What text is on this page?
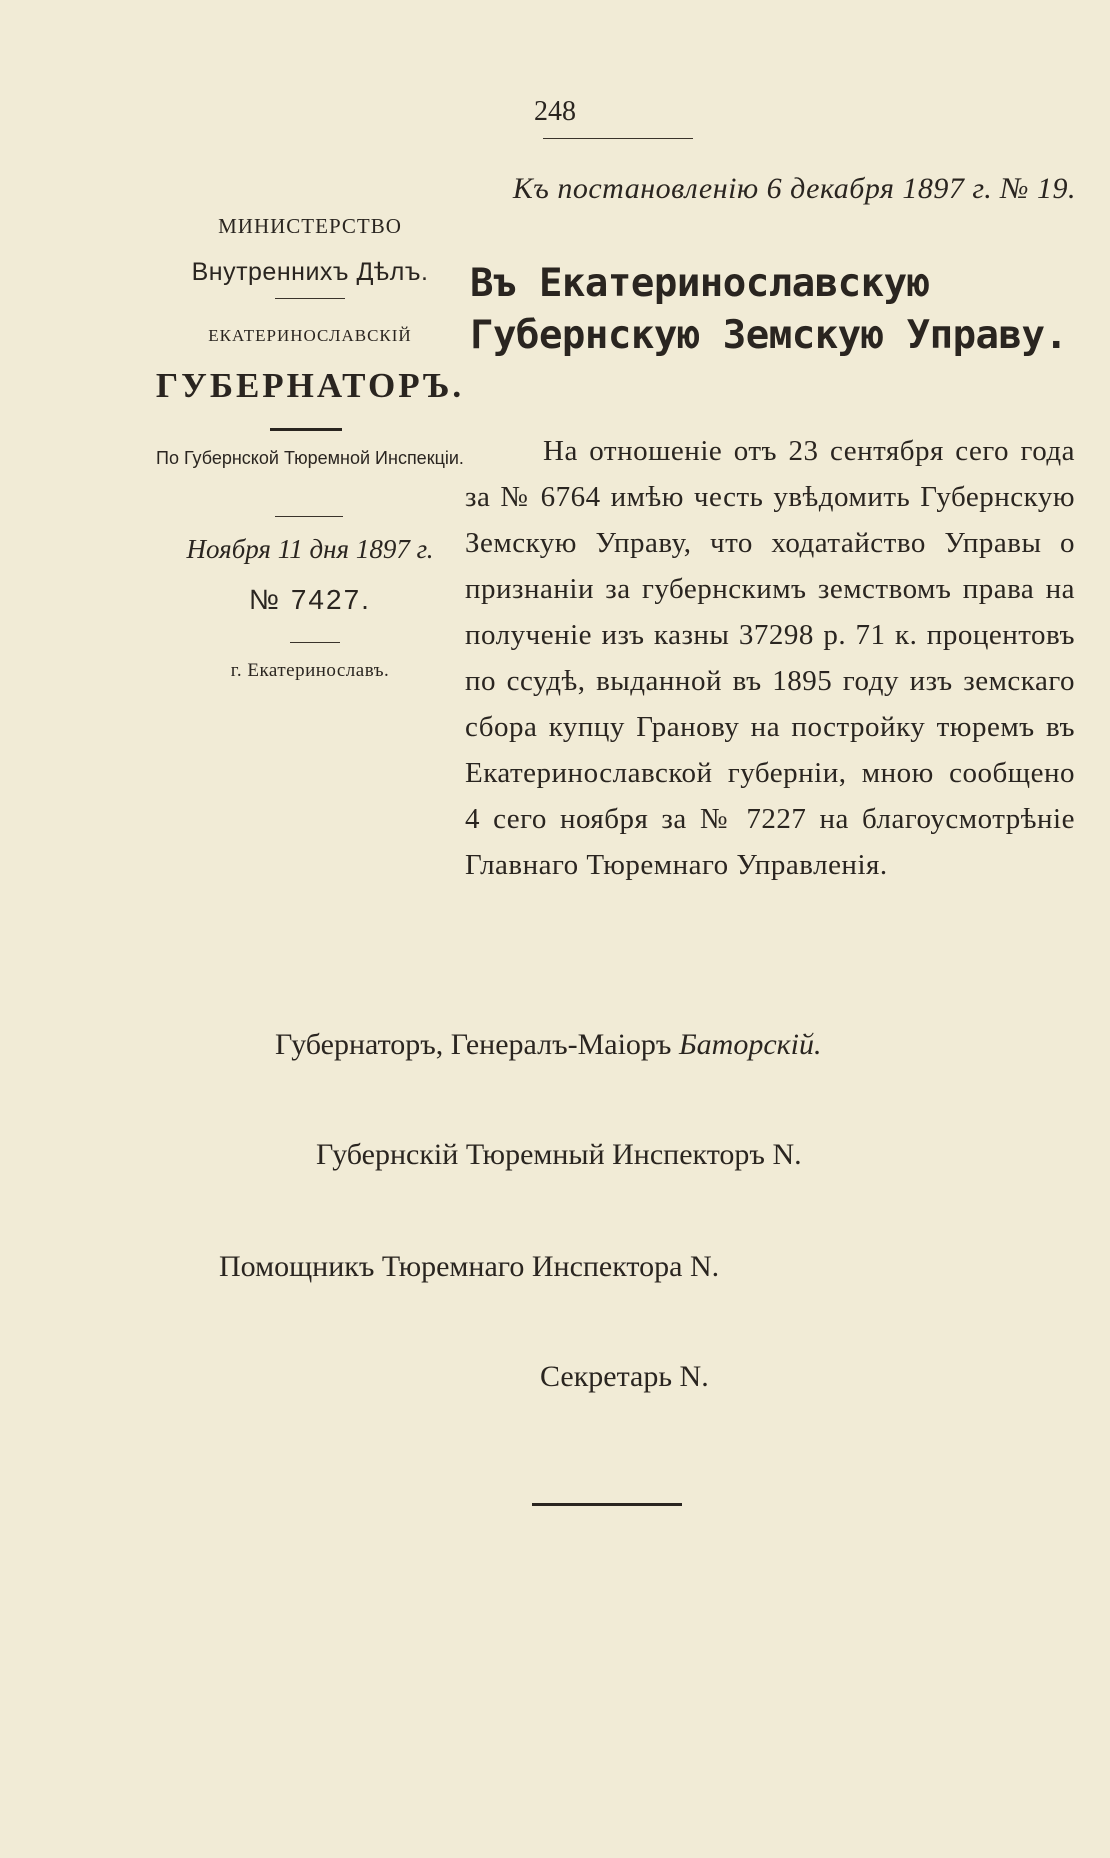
248
Къ постановленію 6 декабря 1897 г. № 19.
МИНИСТЕРСТВО
Внутреннихъ Дѣлъ.
ЕКАТЕРИНОСЛАВСКІЙ
ГУБЕРНАТОРЪ.
По Губернской Тюремной Инспекціи.
Ноября 11 дня 1897 г.
№ 7427.
г. Екатеринославъ.
Въ Екатеринославскую Губернскую Земскую Управу.
На отношеніе отъ 23 сентября сего года за № 6764 имѣю честь увѣдомить Губернскую Земскую Управу, что ходатайство Управы о признаніи за губернскимъ земствомъ права на полученіе изъ казны 37298 р. 71 к. процентовъ по ссудѣ, выданной въ 1895 году изъ земскаго сбора купцу Гранову на постройку тюремъ въ Екатеринославской губерніи, мною сообщено 4 сего ноября за № 7227 на благоусмотрѣніе Главнаго Тюремнаго Управленія.
Губернаторъ, Генералъ-Маіоръ Баторскій.
Губернскій Тюремный Инспекторъ N.
Помощникъ Тюремнаго Инспектора N.
Секретарь N.
